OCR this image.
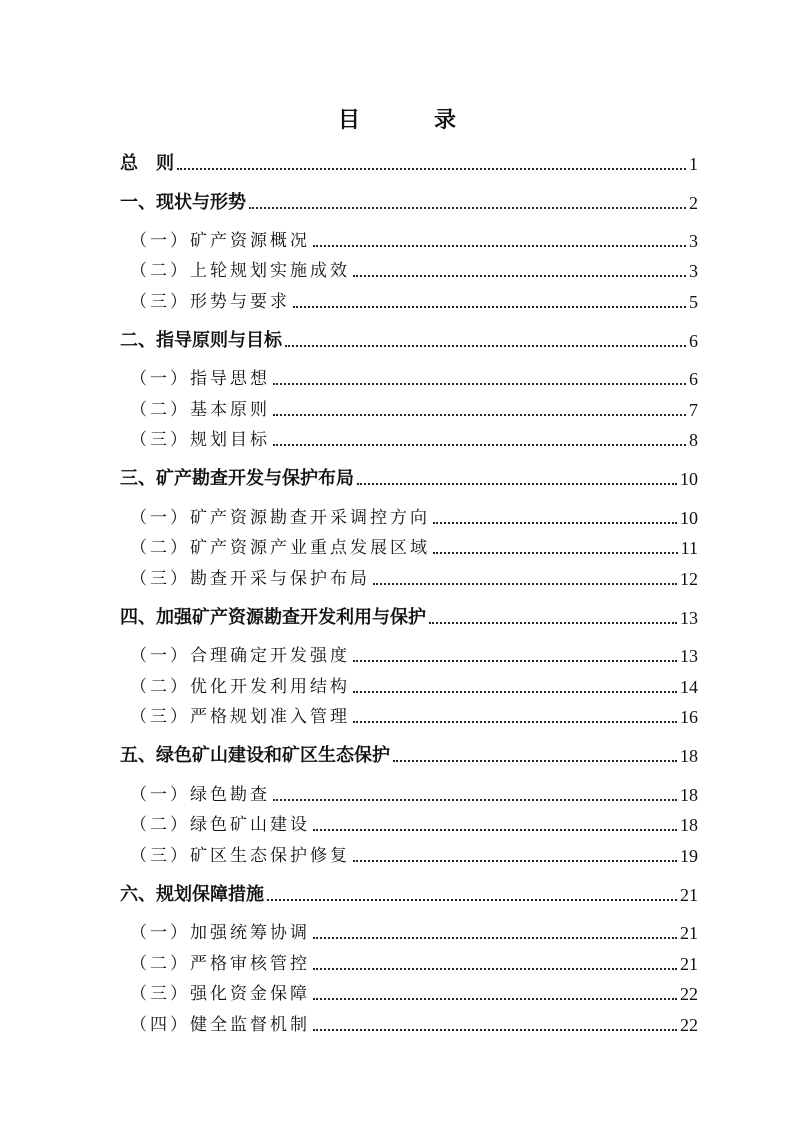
目　录
总　则	1
一、现状与形势	2
（一）矿产资源概况	3
（二）上轮规划实施成效	3
（三）形势与要求	5
二、指导原则与目标	6
（一）指导思想	6
（二）基本原则	7
（三）规划目标	8
三、矿产勘查开发与保护布局	10
（一）矿产资源勘查开采调控方向	10
（二）矿产资源产业重点发展区域	11
（三）勘查开采与保护布局	12
四、加强矿产资源勘查开发利用与保护	13
（一）合理确定开发强度	13
（二）优化开发利用结构	14
（三）严格规划准入管理	16
五、绿色矿山建设和矿区生态保护	18
（一）绿色勘查	18
（二）绿色矿山建设	18
（三）矿区生态保护修复	19
六、规划保障措施	21
（一）加强统筹协调	21
（二）严格审核管控	21
（三）强化资金保障	22
（四）健全监督机制	22
